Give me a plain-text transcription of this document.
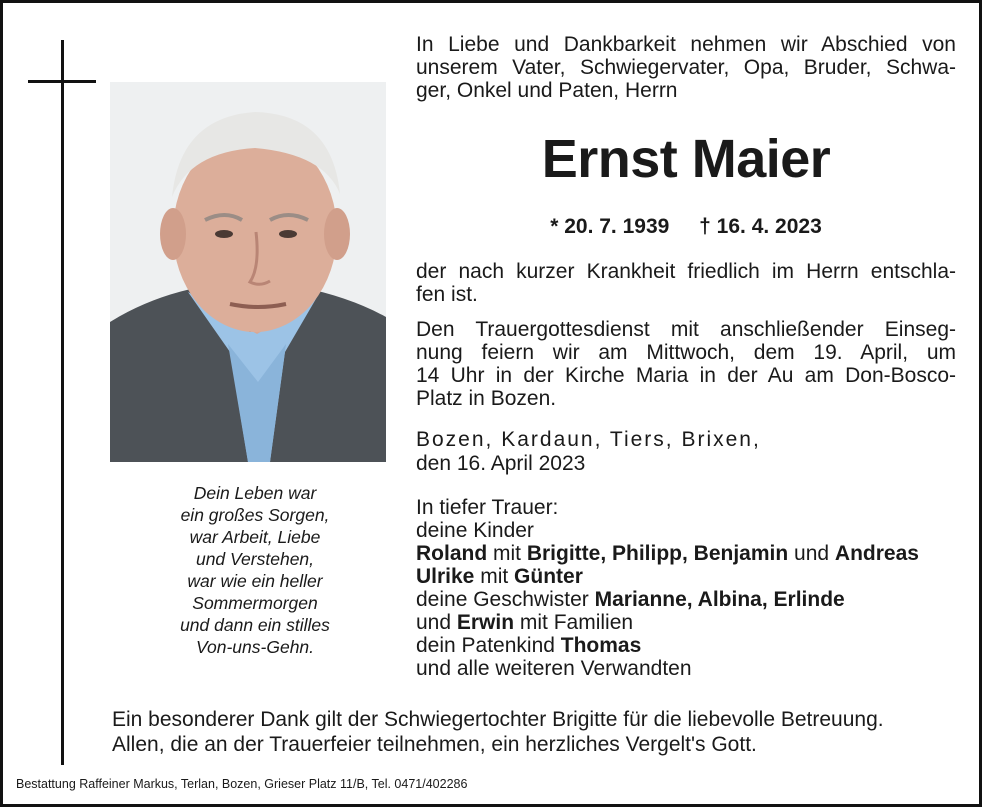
Dein Leben war
ein großes Sorgen,
war Arbeit, Liebe
und Verstehen,
war wie ein heller
Sommermorgen
und dann ein stilles
Von-uns-Gehn.
In Liebe und Dankbarkeit nehmen wir Abschied von
unserem Vater, Schwiegervater, Opa, Bruder, Schwa-
ger, Onkel und Paten, Herrn
Ernst Maier
* 20. 7. 1939 † 16. 4. 2023
der nach kurzer Krankheit friedlich im Herrn entschla-
fen ist.
Den Trauergottesdienst mit anschließender Einseg-
nung feiern wir am Mittwoch, dem 19. April, um
14 Uhr in der Kirche Maria in der Au am Don-Bosco-
Platz in Bozen.
Bozen, Kardaun, Tiers, Brixen,
den 16. April 2023
In tiefer Trauer:
deine Kinder
Roland mit Brigitte, Philipp, Benjamin und Andreas
Ulrike mit Günter
deine Geschwister Marianne, Albina, Erlinde
und Erwin mit Familien
dein Patenkind Thomas
und alle weiteren Verwandten
Ein besonderer Dank gilt der Schwiegertochter Brigitte für die liebevolle Betreuung.
Allen, die an der Trauerfeier teilnehmen, ein herzliches Vergelt's Gott.
Bestattung Raffeiner Markus, Terlan, Bozen, Grieser Platz 11/B, Tel. 0471/402286
